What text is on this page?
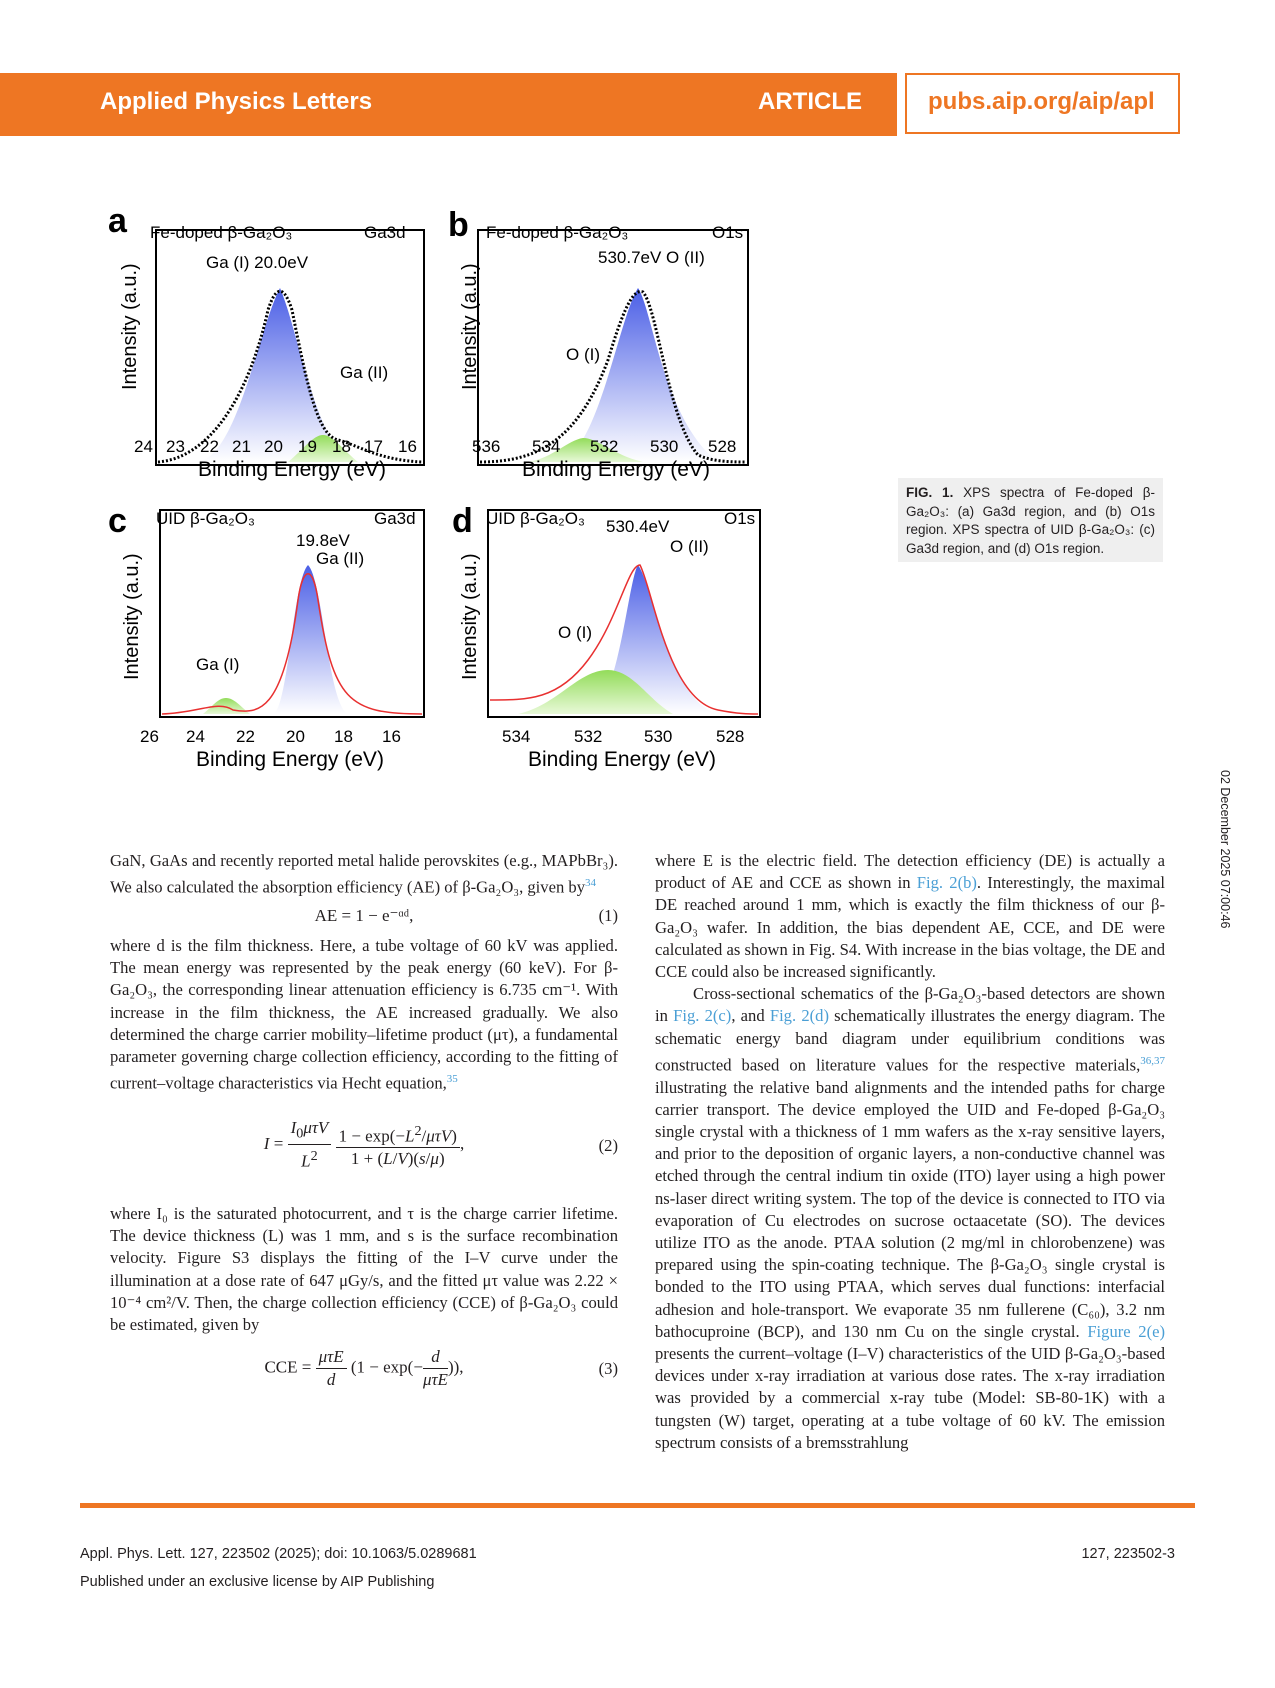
Applied Physics Letters	ARTICLE	pubs.aip.org/aip/apl
a Fe-doped β-Ga₂O₃	Ga3d
Ga (I) 20.0eV
Ga (II)
Intensity (a.u.)
24 23 22 21 20 19 18 17 16
Binding Energy (eV)
b Fe-doped β-Ga₂O₃	O1s
530.7eV O (II)
O (I)
Intensity (a.u.)
536 534 532 530 528
Binding Energy (eV)
c UID β-Ga₂O₃	Ga3d
19.8eV
Ga (II)
Ga (I)
Intensity (a.u.)
26 24 22 20 18 16
Binding Energy (eV)
d UID β-Ga₂O₃	O1s
530.4eV
O (II)
O (I)
Intensity (a.u.)
534	532 530	528
Binding Energy (eV)
FIG. 1. XPS spectra of Fe-doped β-Ga₂O₃: (a) Ga3d region, and (b) O1s region. XPS spectra of UID β-Ga₂O₃: (c) Ga3d region, and (d) O1s region.
02 December 2025 07:00:46

GaN, GaAs and recently reported metal halide perovskites (e.g., MAPbBr₃). We also calculated the absorption efficiency (AE) of β-Ga₂O₃, given by$^{34}$

AE = 1 − e⁻ᵅᵈ,	(1)

where d is the film thickness. Here, a tube voltage of 60 kV was applied. The mean energy was represented by the peak energy (60 keV). For β-Ga₂O₃, the corresponding linear attenuation efficiency is 6.735 cm⁻¹. With increase in the film thickness, the AE increased gradually. We also determined the charge carrier mobility–lifetime product (μτ), a fundamental parameter governing charge collection efficiency, according to the fitting of current–voltage characteristics via Hecht equation,$^{35}$

$I = \frac{I_0\mu\tau V}{L^2}$
$\frac{1 - \exp(-L^2/\mu\tau V)}{1 + (L/V)(s/\mu)}$ ,	(2)

where I₀ is the saturated photocurrent, and τ is the charge carrier lifetime. The device thickness (L) was 1 mm, and s is the surface recombination velocity. Figure S3 displays the fitting of the I–V curve under the illumination at a dose rate of 647 μGy/s, and the fitted μτ value was 2.22 × 10⁻⁴ cm²/V. Then, the charge collection efficiency (CCE) of β-Ga₂O₃ could be estimated, given by

CCE = $\frac{\text{μτE}}{d} (1 - \exp(- \frac{d}{\text{μτE}}$ )),	(3)

where E is the electric field. The detection efficiency (DE) is actually a product of AE and CCE as shown in Fig. 2(b). Interestingly, the maximal DE reached around 1 mm, which is exactly the film thickness of our β-Ga₂O₃ wafer. In addition, the bias dependent AE, CCE, and DE were calculated as shown in Fig. S4. With increase in the bias voltage, the DE and CCE could also be increased significantly.

Cross-sectional schematics of the β-Ga₂O₃-based detectors are shown in Fig. 2(c), and Fig. 2(d) schematically illustrates the energy diagram. The schematic energy band diagram under equilibrium conditions was constructed based on literature values for the respective materials,$^{36,37}$ illustrating the relative band alignments and the intended paths for charge carrier transport. The device employed the UID and Fe-doped β-Ga₂O₃ single crystal with a thickness of 1 mm wafers as the x-ray sensitive layers, and prior to the deposition of organic layers, a non-conductive channel was etched through the central indium tin oxide (ITO) layer using a high power ns-laser direct writing system. The top of the device is connected to ITO via evaporation of Cu electrodes on sucrose octaacetate (SO). The devices utilize ITO as the anode. PTAA solution (2 mg/ml in chlorobenzene) was prepared using the spin-coating technique. The β-Ga₂O₃ single crystal is bonded to the ITO using PTAA, which serves dual functions: interfacial adhesion and hole-transport. We evaporate 35 nm fullerene (C₆₀), 3.2 nm bathocuproine (BCP), and 130 nm Cu on the single crystal. Figure 2(e) presents the current–voltage (I–V) characteristics of the UID β-Ga₂O₃-based devices under x-ray irradiation at various dose rates. The x-ray irradiation was provided by a commercial x-ray tube (Model: SB-80-1K) with a tungsten (W) target, operating at a tube voltage of 60 kV. The emission spectrum consists of a bremsstrahlung

Appl. Phys. Lett. 127, 223502 (2025); doi: 10.1063/5.0289681	127, 223502-3
Published under an exclusive license by AIP Publishing
